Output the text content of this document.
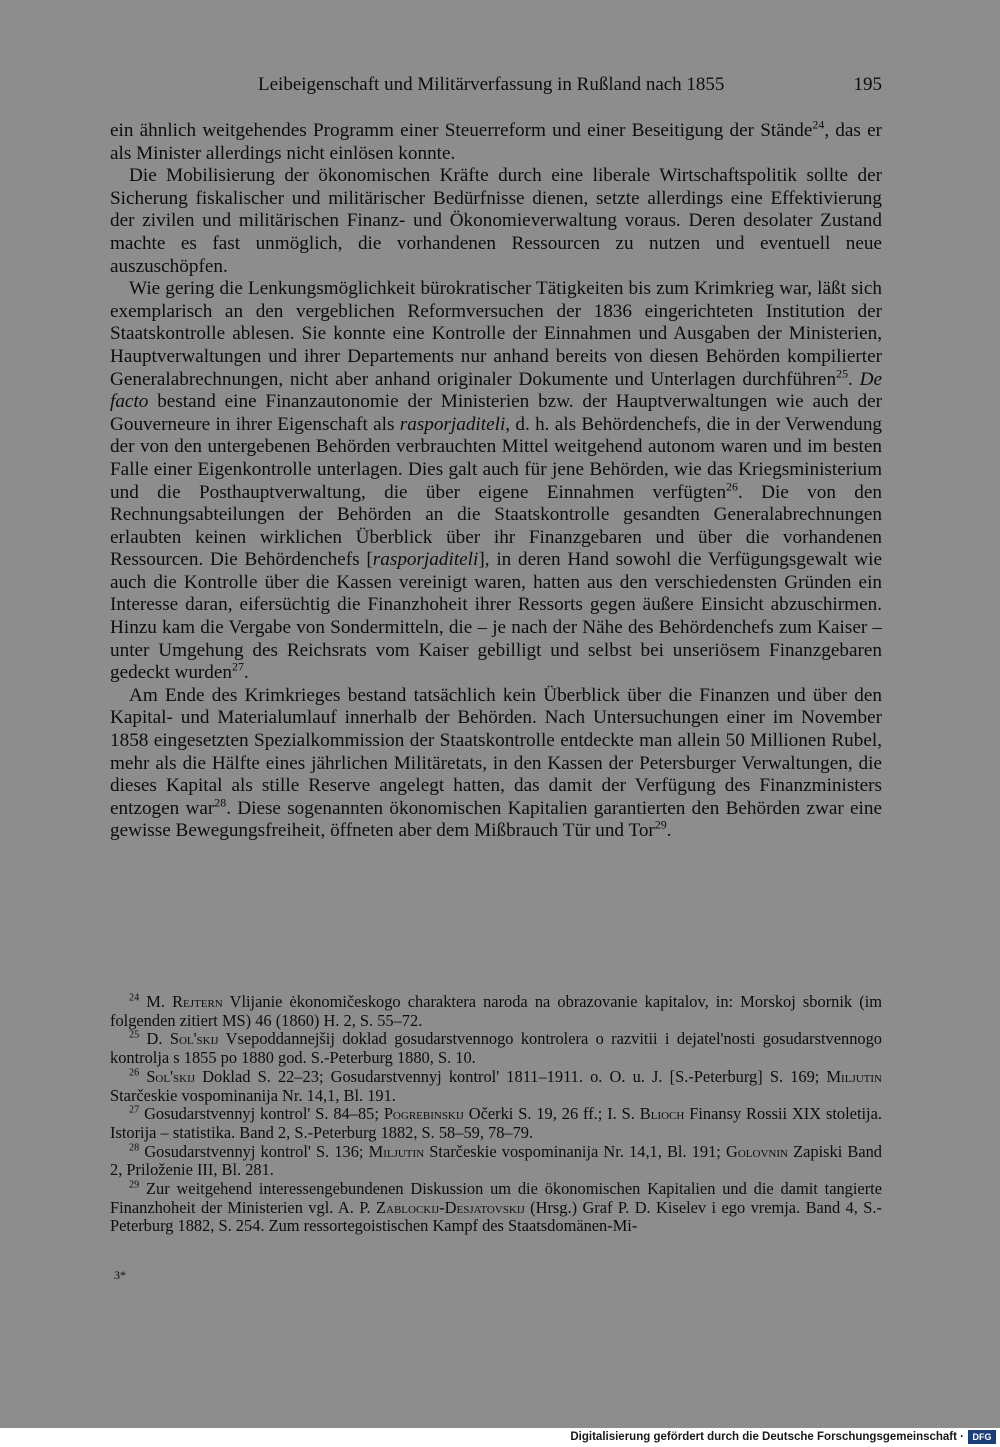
Leibeigenschaft und Militärverfassung in Rußland nach 1855	195

ein ähnlich weitgehendes Programm einer Steuerreform und einer Beseitigung der Stände$^{24}$, das er als Minister allerdings nicht einlösen konnte.

Die Mobilisierung der ökonomischen Kräfte durch eine liberale Wirtschaftspolitik sollte der Sicherung fiskalischer und militärischer Bedürfnisse dienen, setzte allerdings eine Effektivierung der zivilen und militärischen Finanz- und Ökonomieverwaltung voraus. Deren desolater Zustand machte es fast unmöglich, die vorhandenen Ressourcen zu nutzen und eventuell neue auszuschöpfen.

Wie gering die Lenkungsmöglichkeit bürokratischer Tätigkeiten bis zum Krimkrieg war, läßt sich exemplarisch an den vergeblichen Reformversuchen der 1836 eingerichteten Institution der Staatskontrolle ablesen. Sie konnte eine Kontrolle der Einnahmen und Ausgaben der Ministerien, Hauptverwaltungen und ihrer Departements nur anhand bereits von diesen Behörden kompilierter Generalabrechnungen, nicht aber anhand originaler Dokumente und Unterlagen durchführen$^{25}$. De facto bestand eine Finanzautonomie der Ministerien bzw. der Hauptverwaltungen wie auch der Gouverneure in ihrer Eigenschaft als rasporjaditeli, d. h. als Behördenchefs, die in der Verwendung der von den untergebenen Behörden verbrauchten Mittel weitgehend autonom waren und im besten Falle einer Eigenkontrolle unterlagen. Dies galt auch für jene Behörden, wie das Kriegsministerium und die Posthauptverwaltung, die über eigene Einnahmen verfügten$^{26}$. Die von den Rechnungsabteilungen der Behörden an die Staatskontrolle gesandten Generalabrechnungen erlaubten keinen wirklichen Überblick über ihr Finanzgebaren und über die vorhandenen Ressourcen. Die Behördenchefs [rasporjaditeli], in deren Hand sowohl die Verfügungsgewalt wie auch die Kontrolle über die Kassen vereinigt waren, hatten aus den verschiedensten Gründen ein Interesse daran, eifersüchtig die Finanzhoheit ihrer Ressorts gegen äußere Einsicht abzuschirmen. Hinzu kam die Vergabe von Sondermitteln, die – je nach der Nähe des Behördenchefs zum Kaiser – unter Umgehung des Reichsrats vom Kaiser gebilligt und selbst bei unseriösem Finanzgebaren gedeckt wurden$^{27}$.

Am Ende des Krimkrieges bestand tatsächlich kein Überblick über die Finanzen und über den Kapital- und Materialumlauf innerhalb der Behörden. Nach Untersuchungen einer im November 1858 eingesetzten Spezialkommission der Staatskontrolle entdeckte man allein 50 Millionen Rubel, mehr als die Hälfte eines jährlichen Militäretats, in den Kassen der Petersburger Verwaltungen, die dieses Kapital als stille Reserve angelegt hatten, das damit der Verfügung des Finanzministers entzogen war$^{28}$. Diese sogenannten ökonomischen Kapitalien garantierten den Behörden zwar eine gewisse Bewegungsfreiheit, öffneten aber dem Mißbrauch Tür und Tor$^{29}$.

$^{24}$ M. Rejtern Vlijanie ėkonomičeskogo charaktera naroda na obrazovanie kapitalov, in: Morskoj sbornik (im folgenden zitiert MS) 46 (1860) H. 2, S. 55–72.

$^{25}$ D. Sol'skij Vsepoddannejšij doklad gosudarstvennogo kontrolera o razvitii i dejatel'nosti gosudarstvennogo kontrolja s 1855 po 1880 god. S.-Peterburg 1880, S. 10.

$^{26}$ Sol'skij Doklad S. 22–23; Gosudarstvennyj kontrol' 1811–1911. o. O. u. J. [S.-Peterburg] S. 169; Miljutin Starčeskie vospominanija Nr. 14,1, Bl. 191.

$^{27}$ Gosudarstvennyj kontrol' S. 84–85; Pogrebinskij Očerki S. 19, 26 ff.; I. S. Blioch Finansy Rossii XIX stoletija. Istorija – statistika. Band 2, S.-Peterburg 1882, S. 58–59, 78–79.

$^{28}$ Gosudarstvennyj kontrol' S. 136; Miljutin Starčeskie vospominanija Nr. 14,1, Bl. 191; Golovnin Zapiski Band 2, Priloženie III, Bl. 281.

$^{29}$ Zur weitgehend interessengebundenen Diskussion um die ökonomischen Kapitalien und die damit tangierte Finanzhoheit der Ministerien vgl. A. P. Zablockij-Desjatovskij (Hrsg.) Graf P. D. Kiselev i ego vremja. Band 4, S.-Peterburg 1882, S. 254. Zum ressortegoistischen Kampf des Staatsdomänen-Mi-

3*
Digitalisierung gefördert durch die Deutsche Forschungsgemeinschaft · DFG
